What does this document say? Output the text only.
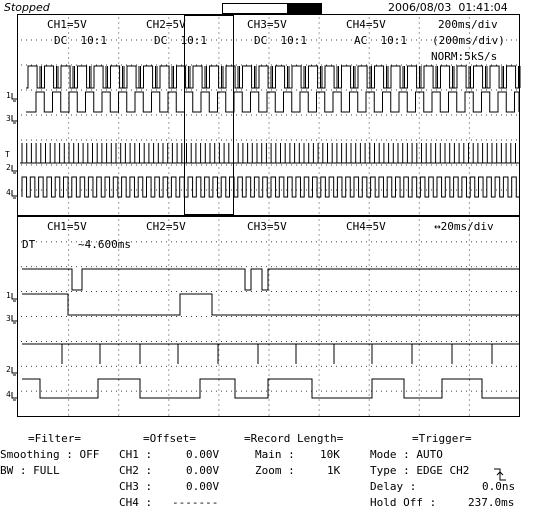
Stopped	2006/08/03  01:41:04
CH1=5V	CH2=5V	CH3=5V	CH4=5V	200ms/div
DC  10:1	DC  10:1	DC  10:1	AC  10:1 (200ms/div)
NORM:5kS/s
CH1=5V	CH2=5V	CH3=5V	CH4=5V	↔20ms/div
DT	~4.600ms
1
3
T
2
4
1
3
2
4
=Filter=
Smoothing : OFF
BW : FULL
=Offset=
CH1 :	0.00V
CH2 :	0.00V
CH3 :	0.00V
CH4 : -------
=Record Length=
Main : 10K
Zoom :	1K
=Trigger=
Mode : AUTO
Type : EDGE CH2
Delay :	0.0ns
Hold Off :	237.0ms
